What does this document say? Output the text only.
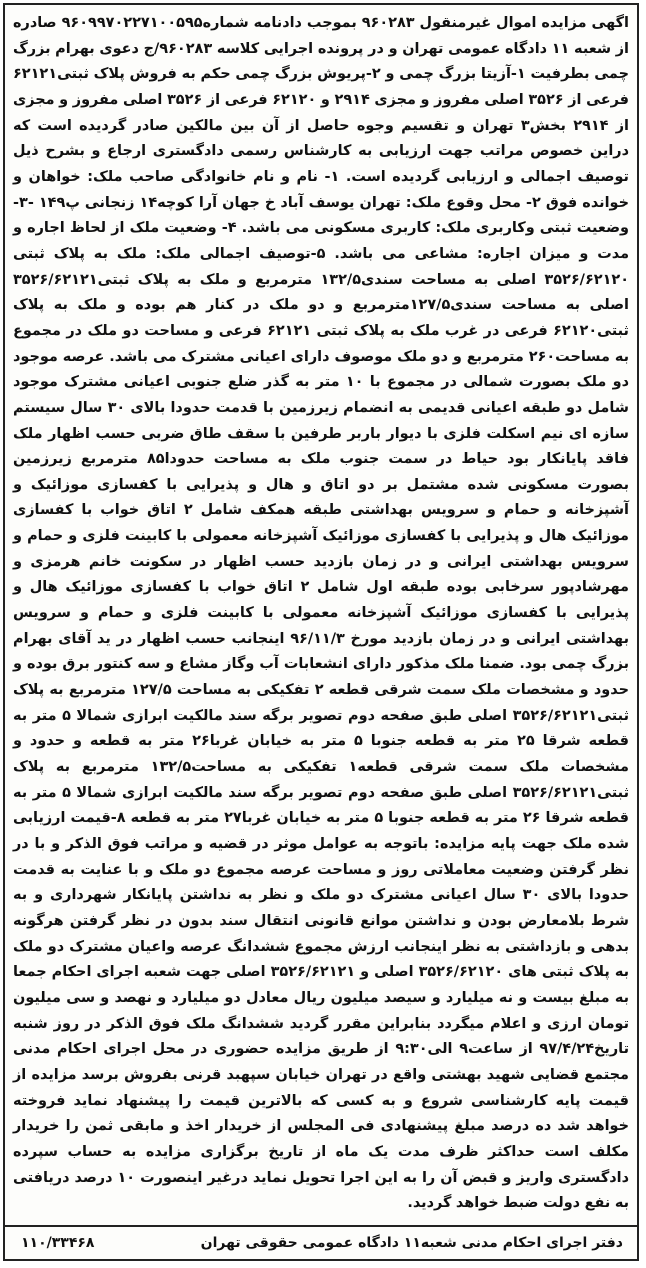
اگهی مزایده اموال غیرمنقول ۹۶۰۲۸۳ بموجب دادنامه شماره۹۶۰۹۹۷۰۲۲۷۱۰۰۵۹۵ صادره از شعبه ۱۱ دادگاه عمومی تهران و در پرونده اجرایی کلاسه ۹۶۰۲۸۳/ج دعوی بهرام بزرگ چمی بطرفیت ۱-آزیتا بزرگ چمی و ۲-پریوش بزرگ چمی حکم به فروش پلاک ثبتی۶۲۱۲۱ فرعی از ۳۵۲۶ اصلی مفروز و مجزی ۲۹۱۴ و ۶۲۱۲۰ فرعی از ۳۵۲۶ اصلی مفروز و مجزی از ۲۹۱۴ بخش۳ تهران و تقسیم وجوه حاصل از آن بین مالکین صادر گردیده است که دراین خصوص مراتب جهت ارزیابی به کارشناس رسمی دادگستری ارجاع و بشرح ذیل توصیف اجمالی و ارزیابی گردیده است. ۱- نام و نام خانوادگی صاحب ملک: خواهان و خوانده فوق ۲- محل وقوع ملک: تهران یوسف آباد خ جهان آرا کوچه۱۴ زنجانی پ۱۴۹ -۳- وضعیت ثبتی وکاربری ملک: کاربری مسکونی می باشد. ۴- وضعیت ملک از لحاظ اجاره و مدت و میزان اجاره: مشاعی می باشد. ۵-توصیف اجمالی ملک: ملک به پلاک ثبتی ۳۵۲۶/۶۲۱۲۰ اصلی به مساحت سندی۱۳۲/۵ مترمربع و ملک به پلاک ثبتی۳۵۲۶/۶۲۱۲۱ اصلی به مساحت سندی۱۲۷/۵مترمربع و دو ملک در کنار هم بوده و ملک به پلاک ثبتی۶۲۱۲۰ فرعی در غرب ملک به پلاک ثبتی ۶۲۱۲۱ فرعی و مساحت دو ملک در مجموع به مساحت۲۶۰ مترمربع و دو ملک موصوف دارای اعیانی مشترک می باشد. عرصه موجود دو ملک بصورت شمالی در مجموع با ۱۰ متر به گذر ضلع جنوبی اعیانی مشترک موجود شامل دو طبقه اعیانی قدیمی به انضمام زیرزمین با قدمت حدودا بالای ۳۰ سال سیستم سازه ای نیم اسکلت فلزی با دیوار باربر طرفین با سقف طاق ضربی حسب اظهار ملک فاقد پایانکار بود حیاط در سمت جنوب ملک به مساحت حدودا۸۵ مترمربع زیرزمین بصورت مسکونی شده مشتمل بر دو اتاق و هال و پذیرایی با کفسازی موزائیک و آشپزخانه و حمام و سرویس بهداشتی طبقه همکف شامل ۲ اتاق خواب با کفسازی موزائیک هال و پذیرایی با کفسازی موزائیک آشپزخانه معمولی با کابینت فلزی و حمام و سرویس بهداشتی ایرانی و در زمان بازدید حسب اظهار در سکونت خانم هرمزی و مهرشادپور سرخابی بوده طبقه اول شامل ۲ اتاق خواب با کفسازی موزائیک هال و پذیرایی با کفسازی موزائیک آشپزخانه معمولی با کابینت فلزی و حمام و سرویس بهداشتی ایرانی و در زمان بازدید مورخ ۹۶/۱۱/۳ اینجانب حسب اظهار در ید آقای بهرام بزرگ چمی بود. ضمنا ملک مذکور دارای انشعابات آب وگاز مشاع و سه کنتور برق بوده و حدود و مشخصات ملک سمت شرقی قطعه ۲ تفکیکی به مساحت ۱۲۷/۵ مترمربع به پلاک ثبتی۳۵۲۶/۶۲۱۲۱ اصلی طبق صفحه دوم تصویر برگه سند مالکیت ابرازی شمالا ۵ متر به قطعه شرقا ۲۵ متر به قطعه جنوبا ۵ متر به خیابان غربا۲۶ متر به قطعه و حدود و مشخصات ملک سمت شرقی قطعه۱ تفکیکی به مساحت۱۳۲/۵ مترمربع به پلاک ثبتی۳۵۲۶/۶۲۱۲۱ اصلی طبق صفحه دوم تصویر برگه سند مالکیت ابرازی شمالا ۵ متر به قطعه شرقا ۲۶ متر به قطعه جنوبا ۵ متر به خیابان غربا۲۷ متر به قطعه ۸-قیمت ارزیابی شده ملک جهت پایه مزایده: باتوجه به عوامل موثر در قضیه و مراتب فوق الذکر و با در نظر گرفتن وضعیت معاملاتی روز و مساحت عرصه مجموع دو ملک و با عنایت به قدمت حدودا بالای ۳۰ سال اعیانی مشترک دو ملک و نظر به نداشتن پایانکار شهرداری و به شرط بلامعارض بودن و نداشتن موانع قانونی انتقال سند بدون در نظر گرفتن هرگونه بدهی و بازداشتی به نظر اینجانب ارزش مجموع ششدانگ عرصه واعیان مشترک دو ملک به پلاک ثبتی های ۳۵۲۶/۶۲۱۲۰ اصلی و ۳۵۲۶/۶۲۱۲۱ اصلی جهت شعبه اجرای احکام جمعا به مبلغ بیست و نه میلیارد و سیصد میلیون ریال معادل دو میلیارد و نهصد و سی میلیون تومان ارزی و اعلام میگردد بنابراین مقرر گردید ششدانگ ملک فوق الذکر در روز شنبه تاریخ۹۷/۴/۲۴ از ساعت۹ الی۹:۳۰ از طریق مزایده حضوری در محل اجرای احکام مدنی مجتمع قضایی شهید بهشتی واقع در تهران خیابان سپهبد قرنی بفروش برسد مزایده از قیمت پایه کارشناسی شروع و به کسی که بالاترین قیمت را پیشنهاد نماید فروخته خواهد شد ده درصد مبلغ پیشنهادی فی المجلس از خریدار اخذ و مابقی ثمن را خریدار مکلف است حداکثر ظرف مدت یک ماه از تاریخ برگزاری مزایده به حساب سپرده دادگستری واریز و قبض آن را به این اجرا تحویل نماید درغیر اینصورت ۱۰ درصد دریافتی به نفع دولت ضبط خواهد گردید.

دفتر اجرای احکام مدنی شعبه۱۱ دادگاه عمومی حقوقی تهران
۱۱۰/۳۳۴۶۸
